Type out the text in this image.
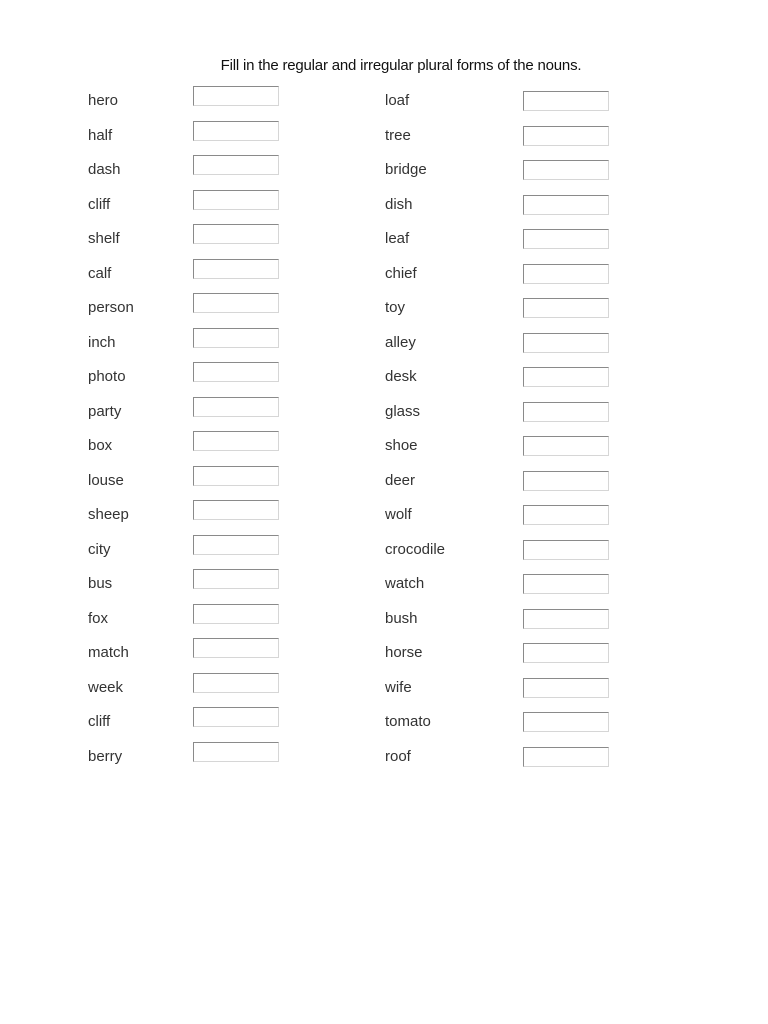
Fill in the regular and irregular plural forms of the nouns.
hero
half
dash
cliff
shelf
calf
person
inch
photo
party
box
louse
sheep
city
bus
fox
match
week
cliff
berry
loaf
tree
bridge
dish
leaf
chief
toy
alley
desk
glass
shoe
deer
wolf
crocodile
watch
bush
horse
wife
tomato
roof
